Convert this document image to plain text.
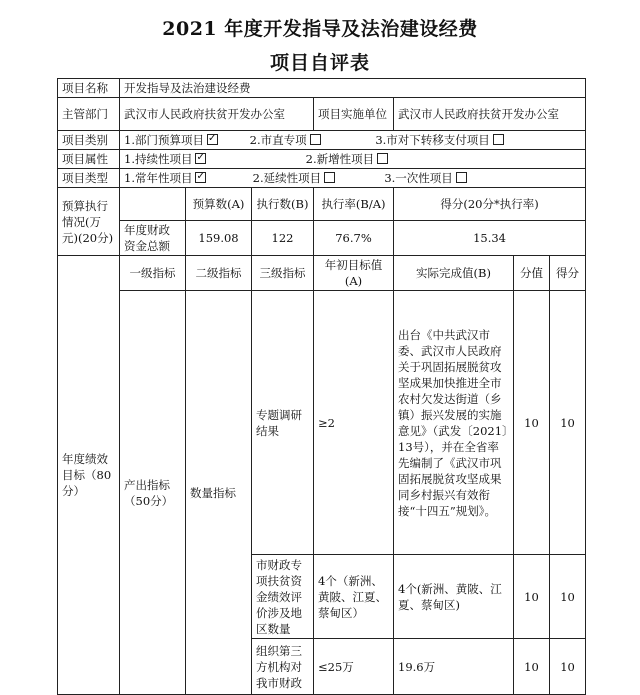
2021 年度开发指导及法治建设经费
项目自评表
项目名称	开发指导及法治建设经费						
主管部门	武汉市人民政府扶贫开发办公室			项目实施单位	武汉市人民政府扶贫开发办公室		
项目类别	1.部门预算项目 ✓ 2.市直专项 3.市对下转移支付项目
项目属性	1.持续性项目 ✓ 2.新增性项目
项目类型	1.常年性项目 ✓ 2.延续性项目 3.一次性项目
预算执行情况(万元)(20分)		预算数(A)	执行数(B)	执行率(B/A)	得分(20分*执行率)		
	年度财政资金总额	159.08	122	76.7%	15.34		
年度绩效目标（80分）	一级指标	二级指标	三级指标	年初目标值(A)	实际完成值(B)	分值	得分
	产出指标（50分）	数量指标	专题调研结果	≥2	出台《中共武汉市委、武汉市人民政府关于巩固拓展脱贫攻坚成果加快推进全市农村欠发达街道（乡镇）振兴发展的实施意见》（武发〔2021〕13号），并在全省率先编制了《武汉市巩固拓展脱贫攻坚成果同乡村振兴有效衔接“十四五”规划》。	10	10
			市财政专项扶贫资金绩效评价涉及地区数量	4个（新洲、黄陂、江夏、蔡甸区）	4个(新洲、黄陂、江夏、蔡甸区)	10	10
			组织第三方机构对我市财政	≤25万	19.6万	10	10
